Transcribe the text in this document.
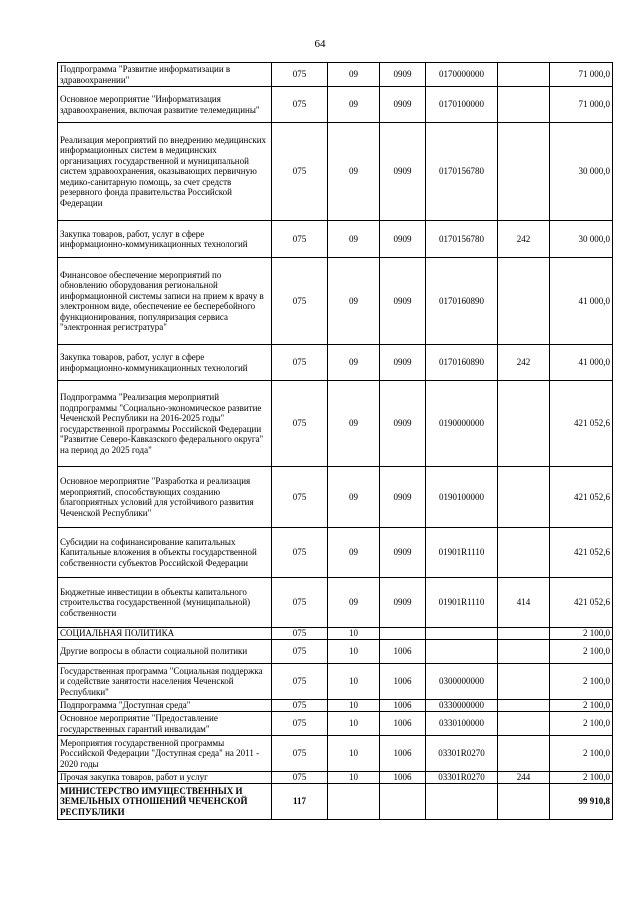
64
Подпрограмма "Развитие информатизации в здравоохранении"	075	09	0909	0170000000		71 000,0
Основное мероприятие "Информатизация здравоохранения, включая развитие телемедицины"	075	09	0909	0170100000		71 000,0
Реализация мероприятий по внедрению медицинских информационных систем в медицинских организациях государственной и муниципальной систем здравоохранения, оказывающих первичную медико-санитарную помощь, за счет средств резервного фонда правительства Российской Федерации	075	09	0909	0170156780		30 000,0
Закупка товаров, работ, услуг в сфере информационно-коммуникационных технологий	075	09	0909	0170156780	242	30 000,0
Финансовое обеспечение мероприятий по обновлению оборудования региональной информационной системы записи на прием к врачу в электронном виде, обеспечение ее бесперебойного функционирования, популяризация сервиса "электронная регистратура"	075	09	0909	0170160890		41 000,0
Закупка товаров, работ, услуг в сфере информационно-коммуникационных технологий	075	09	0909	0170160890	242	41 000,0
Подпрограмма "Реализация мероприятий подпрограммы "Социально-экономическое развитие Чеченской Республики на 2016-2025 годы" государственной программы Российской Федерации "Развитие Северо-Кавказского федерального округа" на период до 2025 года"	075	09	0909	0190000000		421 052,6
Основное мероприятие "Разработка и реализация мероприятий, способствующих созданию благоприятных условий для устойчивого развития Чеченской Республики"	075	09	0909	0190100000		421 052,6
Субсидии на софинансирование капитальных Капитальные вложения в объекты государственной собственности субъектов Российской Федерации	075	09	0909	01901R1110		421 052,6
Бюджетные инвестиции в объекты капитального строительства государственной (муниципальной) собственности	075	09	0909	01901R1110	414	421 052,6
СОЦИАЛЬНАЯ ПОЛИТИКА	075	10				2 100,0
Другие вопросы в области социальной политики	075	10	1006			2 100,0
Государственная программа "Социальная поддержка и содействие занятости населения Чеченской Республики"	075	10	1006	0300000000		2 100,0
Подпрограмма "Доступная среда"	075	10	1006	0330000000		2 100,0
Основное мероприятие "Предоставление государственных гарантий инвалидам"	075	10	1006	0330100000		2 100,0
Мероприятия государственной программы Российской Федерации "Доступная среда" на 2011 - 2020 годы	075	10	1006	03301R0270		2 100,0
Прочая закупка товаров, работ и услуг	075	10	1006	03301R0270	244	2 100,0
МИНИСТЕРСТВО ИМУЩЕСТВЕННЫХ И ЗЕМЕЛЬНЫХ ОТНОШЕНИЙ ЧЕЧЕНСКОЙ РЕСПУБЛИКИ	117					99 910,8
